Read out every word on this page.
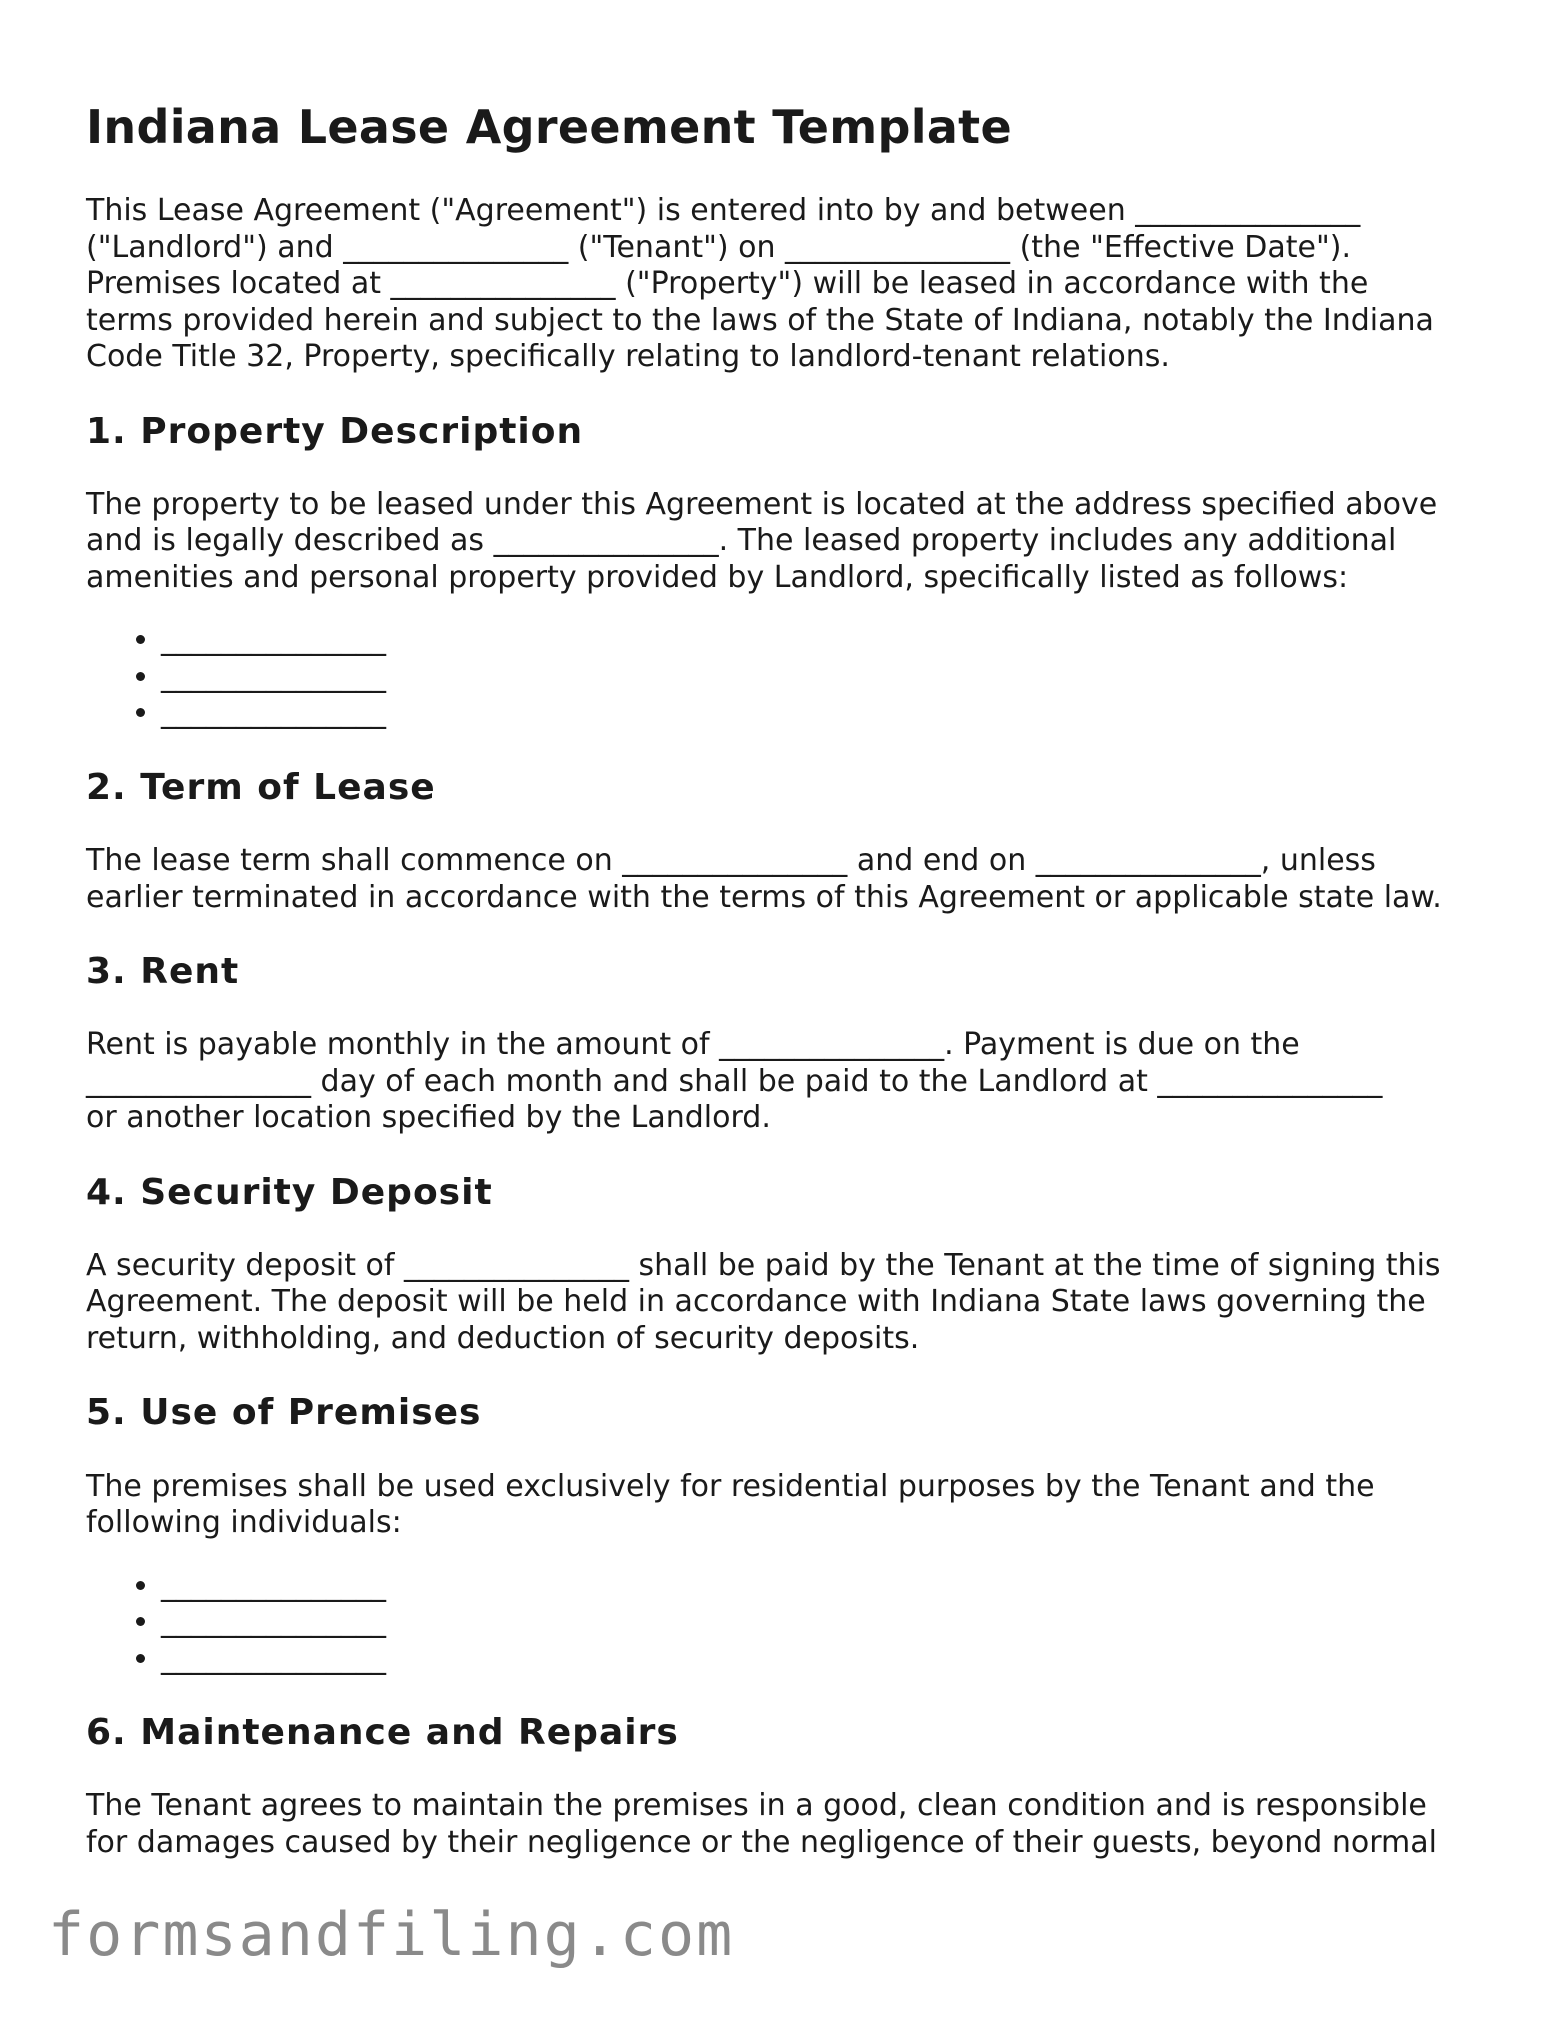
Indiana Lease Agreement Template

This Lease Agreement ("Agreement") is entered into by and between _______________
("Landlord") and _______________ ("Tenant") on _______________ (the "Effective Date").
Premises located at _______________ ("Property") will be leased in accordance with the
terms provided herein and subject to the laws of the State of Indiana, notably the Indiana
Code Title 32, Property, specifically relating to landlord-tenant relations.

1. Property Description

The property to be leased under this Agreement is located at the address specified above
and is legally described as _______________. The leased property includes any additional
amenities and personal property provided by Landlord, specifically listed as follows:

• _______________
• _______________
• _______________
2. Term of Lease

The lease term shall commence on _______________ and end on _______________, unless
earlier terminated in accordance with the terms of this Agreement or applicable state law.

3. Rent

Rent is payable monthly in the amount of _______________. Payment is due on the
_______________ day of each month and shall be paid to the Landlord at _______________
or another location specified by the Landlord.

4. Security Deposit

A security deposit of _______________ shall be paid by the Tenant at the time of signing this
Agreement. The deposit will be held in accordance with Indiana State laws governing the
return, withholding, and deduction of security deposits.

5. Use of Premises

The premises shall be used exclusively for residential purposes by the Tenant and the
following individuals:

• _______________
• _______________
• _______________
6. Maintenance and Repairs

The Tenant agrees to maintain the premises in a good, clean condition and is responsible
for damages caused by their negligence or the negligence of their guests, beyond normal

formsandfiling.com
